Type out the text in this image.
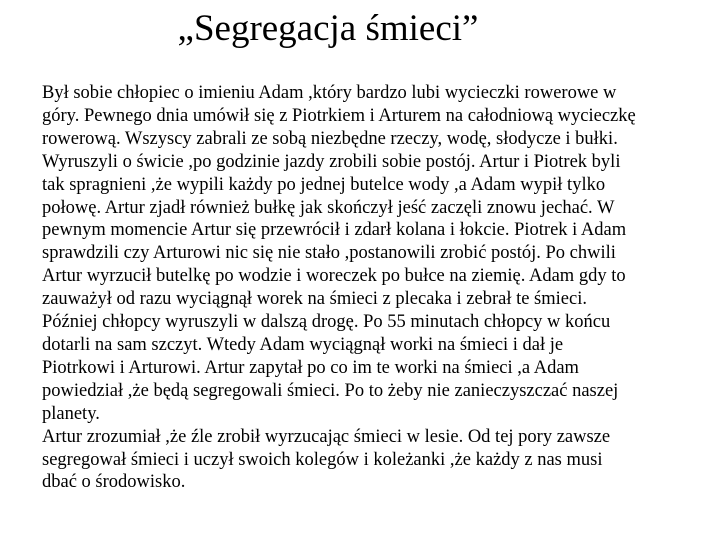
„Segregacja śmieci”
Był sobie chłopiec o imieniu Adam ,który bardzo lubi wycieczki rowerowe w
góry. Pewnego dnia umówił się z Piotrkiem i Arturem na całodniową wycieczkę
rowerową. Wszyscy zabrali ze sobą niezbędne rzeczy, wodę, słodycze i bułki.
Wyruszyli o świcie ,po godzinie jazdy zrobili sobie postój. Artur i Piotrek byli
tak spragnieni ,że wypili każdy po jednej butelce wody ,a Adam wypił tylko
połowę. Artur zjadł również bułkę jak skończył jeść zaczęli znowu jechać. W
pewnym momencie Artur się przewrócił i zdarł kolana i łokcie. Piotrek i Adam
sprawdzili czy Arturowi nic się nie stało ,postanowili zrobić postój. Po chwili
Artur wyrzucił butelkę po wodzie i woreczek po bułce na ziemię. Adam gdy to
zauważył od razu wyciągnął worek na śmieci z plecaka i zebrał te śmieci.
Później chłopcy wyruszyli w dalszą drogę. Po 55 minutach chłopcy w końcu
dotarli na sam szczyt. Wtedy Adam wyciągnął worki na śmieci i dał je
Piotrkowi i Arturowi. Artur zapytał po co im te worki na śmieci ,a Adam
powiedział ,że będą segregowali śmieci. Po to żeby nie zanieczyszczać naszej
planety.
Artur zrozumiał ,że źle zrobił wyrzucając śmieci w lesie. Od tej pory zawsze
segregował śmieci i uczył swoich kolegów i koleżanki ,że każdy z nas musi
dbać o środowisko.
